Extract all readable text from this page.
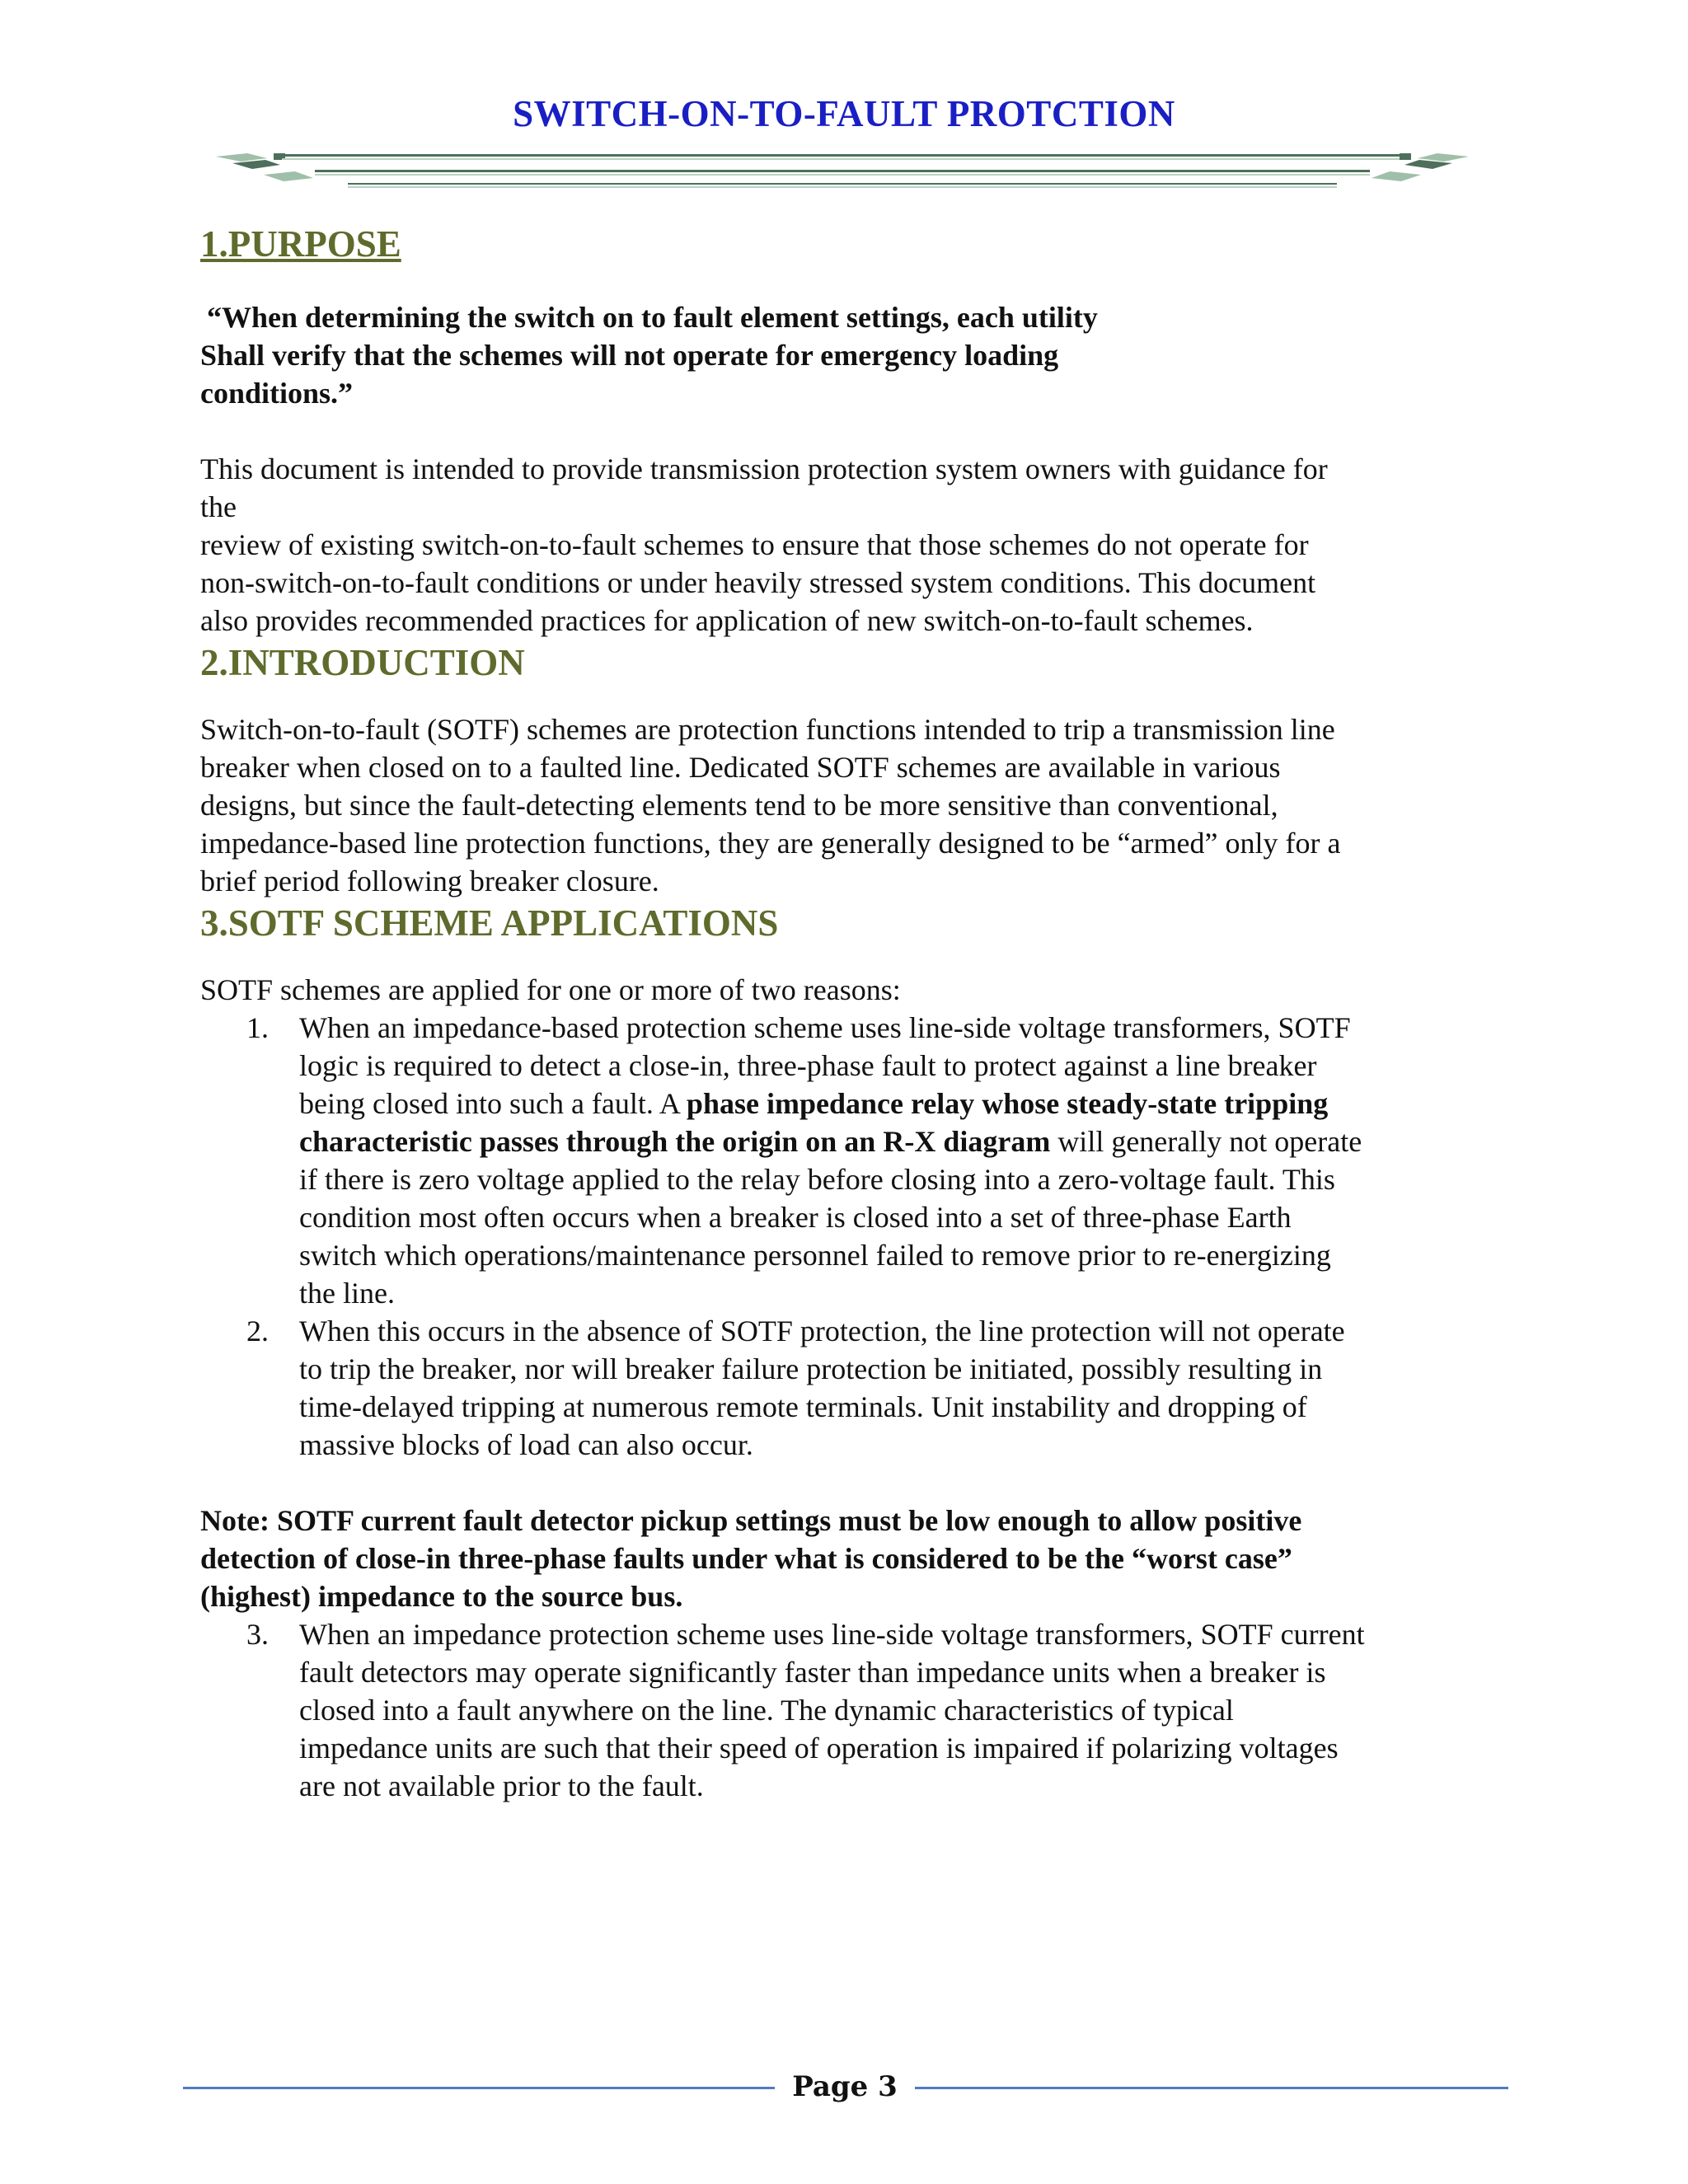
SWITCH-ON-TO-FAULT PROTCTION
1.PURPOSE
“When determining the switch on to fault element settings, each utility
Shall verify that the schemes will not operate for emergency loading
conditions.”
This document is intended to provide transmission protection system owners with guidance for
the
review of existing switch-on-to-fault schemes to ensure that those schemes do not operate for
non-switch-on-to-fault conditions or under heavily stressed system conditions. This document
also provides recommended practices for application of new switch-on-to-fault schemes.
2.INTRODUCTION
Switch-on-to-fault (SOTF) schemes are protection functions intended to trip a transmission line
breaker when closed on to a faulted line. Dedicated SOTF schemes are available in various
designs, but since the fault-detecting elements tend to be more sensitive than conventional,
impedance-based line protection functions, they are generally designed to be “armed” only for a
brief period following breaker closure.
3.SOTF SCHEME APPLICATIONS
SOTF schemes are applied for one or more of two reasons:
1. When an impedance-based protection scheme uses line-side voltage transformers, SOTF
logic is required to detect a close-in, three-phase fault to protect against a line breaker
being closed into such a fault. A phase impedance relay whose steady-state tripping
characteristic passes through the origin on an R-X diagram will generally not operate
if there is zero voltage applied to the relay before closing into a zero-voltage fault. This
condition most often occurs when a breaker is closed into a set of three-phase Earth
switch which operations/maintenance personnel failed to remove prior to re-energizing
the line.
2. When this occurs in the absence of SOTF protection, the line protection will not operate
to trip the breaker, nor will breaker failure protection be initiated, possibly resulting in
time-delayed tripping at numerous remote terminals. Unit instability and dropping of
massive blocks of load can also occur.
Note: SOTF current fault detector pickup settings must be low enough to allow positive
detection of close-in three-phase faults under what is considered to be the “worst case”
(highest) impedance to the source bus.
3. When an impedance protection scheme uses line-side voltage transformers, SOTF current
fault detectors may operate significantly faster than impedance units when a breaker is
closed into a fault anywhere on the line. The dynamic characteristics of typical
impedance units are such that their speed of operation is impaired if polarizing voltages
are not available prior to the fault.
Page 3
